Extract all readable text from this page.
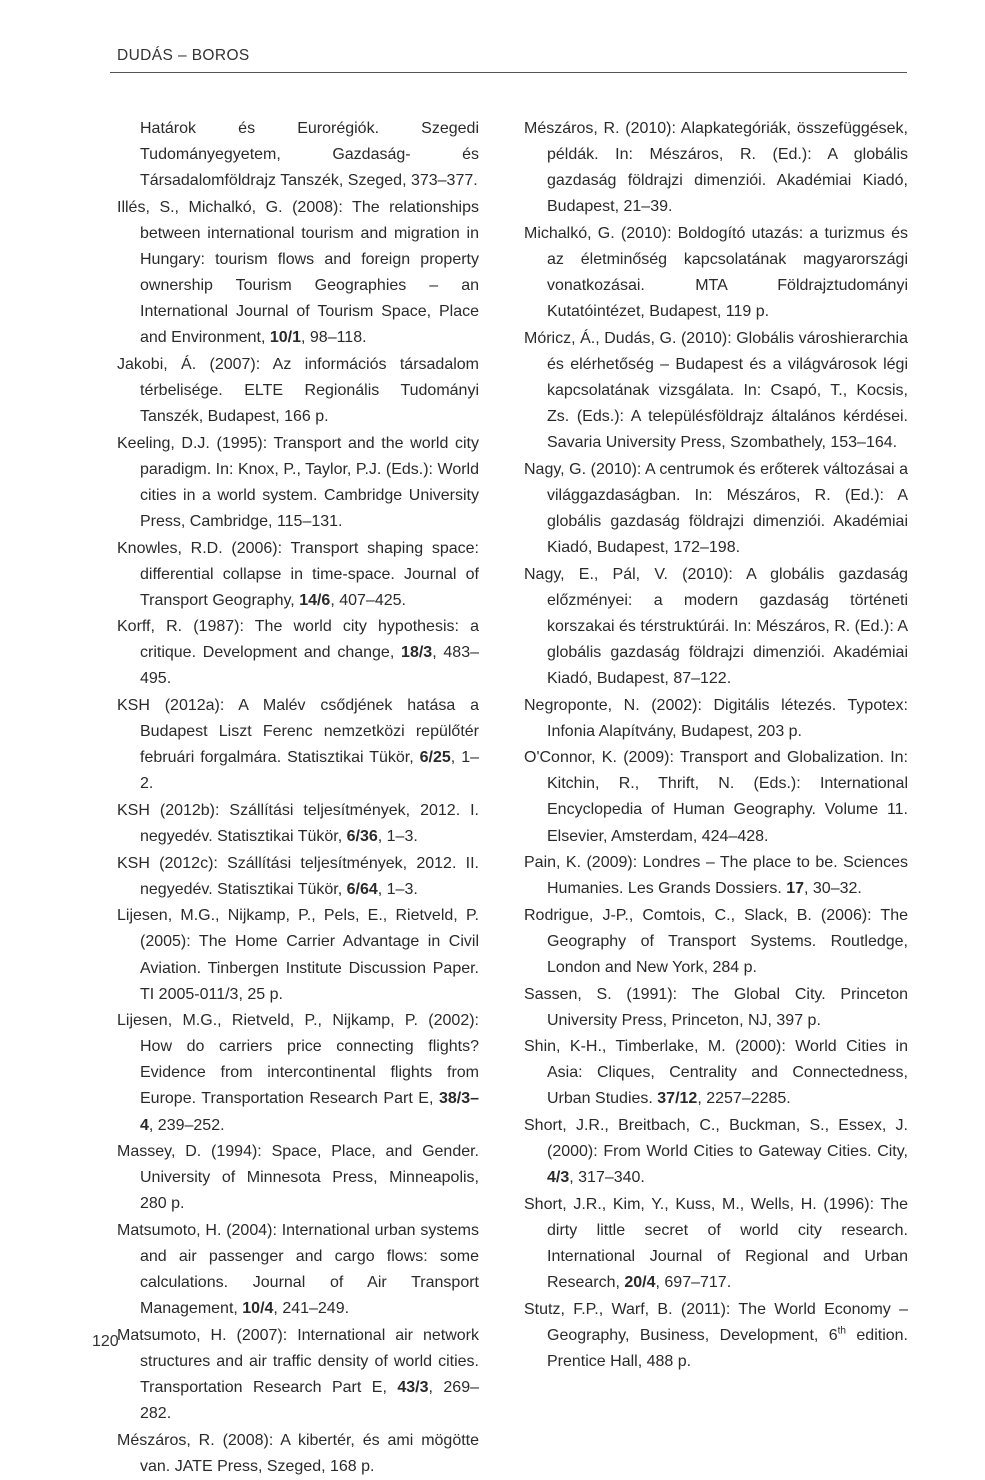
DUDÁS – BOROS
Határok és Eurorégiók. Szegedi Tudományegyetem, Gazdaság- és Társadalomföldrajz Tanszék, Szeged, 373–377.
Illés, S., Michalkó, G. (2008): The relationships between international tourism and migration in Hungary: tourism flows and foreign property ownership Tourism Geographies – an International Journal of Tourism Space, Place and Environment, 10/1, 98–118.
Jakobi, Á. (2007): Az információs társadalom térbelisége. ELTE Regionális Tudományi Tanszék, Budapest, 166 p.
Keeling, D.J. (1995): Transport and the world city paradigm. In: Knox, P., Taylor, P.J. (Eds.): World cities in a world system. Cambridge University Press, Cambridge, 115–131.
Knowles, R.D. (2006): Transport shaping space: differential collapse in time-space. Journal of Transport Geography, 14/6, 407–425.
Korff, R. (1987): The world city hypothesis: a critique. Development and change, 18/3, 483–495.
KSH (2012a): A Malév csődjének hatása a Budapest Liszt Ferenc nemzetközi repülőtér februári forgalmára. Statisztikai Tükör, 6/25, 1–2.
KSH (2012b): Szállítási teljesítmények, 2012. I. negyedév. Statisztikai Tükör, 6/36, 1–3.
KSH (2012c): Szállítási teljesítmények, 2012. II. negyedév. Statisztikai Tükör, 6/64, 1–3.
Lijesen, M.G., Nijkamp, P., Pels, E., Rietveld, P. (2005): The Home Carrier Advantage in Civil Aviation. Tinbergen Institute Discussion Paper. TI 2005-011/3, 25 p.
Lijesen, M.G., Rietveld, P., Nijkamp, P. (2002): How do carriers price connecting flights? Evidence from intercontinental flights from Europe. Transportation Research Part E, 38/3–4, 239–252.
Massey, D. (1994): Space, Place, and Gender. University of Minnesota Press, Minneapolis, 280 p.
Matsumoto, H. (2004): International urban systems and air passenger and cargo flows: some calculations. Journal of Air Transport Management, 10/4, 241–249.
Matsumoto, H. (2007): International air network structures and air traffic density of world cities. Transportation Research Part E, 43/3, 269–282.
Mészáros, R. (2008): A kibertér, és ami mögötte van. JATE Press, Szeged, 168 p.
Mészáros, R. (2010): Alapkategóriák, összefüggések, példák. In: Mészáros, R. (Ed.): A globális gazdaság földrajzi dimenziói. Akadémiai Kiadó, Budapest, 21–39.
Michalkó, G. (2010): Boldogító utazás: a turizmus és az életminőség kapcsolatának magyarországi vonatkozásai. MTA Földrajztudományi Kutatóintézet, Budapest, 119 p.
Móricz, Á., Dudás, G. (2010): Globális városhierarchia és elérhetőség – Budapest és a világvárosok légi kapcsolatának vizsgálata. In: Csapó, T., Kocsis, Zs. (Eds.): A településföldrajz általános kérdései. Savaria University Press, Szombathely, 153–164.
Nagy, G. (2010): A centrumok és erőterek változásai a világgazdaságban. In: Mészáros, R. (Ed.): A globális gazdaság földrajzi dimenziói. Akadémiai Kiadó, Budapest, 172–198.
Nagy, E., Pál, V. (2010): A globális gazdaság előzményei: a modern gazdaság történeti korszakai és térstruktúrái. In: Mészáros, R. (Ed.): A globális gazdaság földrajzi dimenziói. Akadémiai Kiadó, Budapest, 87–122.
Negroponte, N. (2002): Digitális létezés. Typotex: Infonia Alapítvány, Budapest, 203 p.
O'Connor, K. (2009): Transport and Globalization. In: Kitchin, R., Thrift, N. (Eds.): International Encyclopedia of Human Geography. Volume 11. Elsevier, Amsterdam, 424–428.
Pain, K. (2009): Londres – The place to be. Sciences Humanies. Les Grands Dossiers. 17, 30–32.
Rodrigue, J-P., Comtois, C., Slack, B. (2006): The Geography of Transport Systems. Routledge, London and New York, 284 p.
Sassen, S. (1991): The Global City. Princeton University Press, Princeton, NJ, 397 p.
Shin, K-H., Timberlake, M. (2000): World Cities in Asia: Cliques, Centrality and Connectedness, Urban Studies. 37/12, 2257–2285.
Short, J.R., Breitbach, C., Buckman, S., Essex, J. (2000): From World Cities to Gateway Cities. City, 4/3, 317–340.
Short, J.R., Kim, Y., Kuss, M., Wells, H. (1996): The dirty little secret of world city research. International Journal of Regional and Urban Research, 20/4, 697–717.
Stutz, F.P., Warf, B. (2011): The World Economy – Geography, Business, Development, 6th edition. Prentice Hall, 488 p.
120
